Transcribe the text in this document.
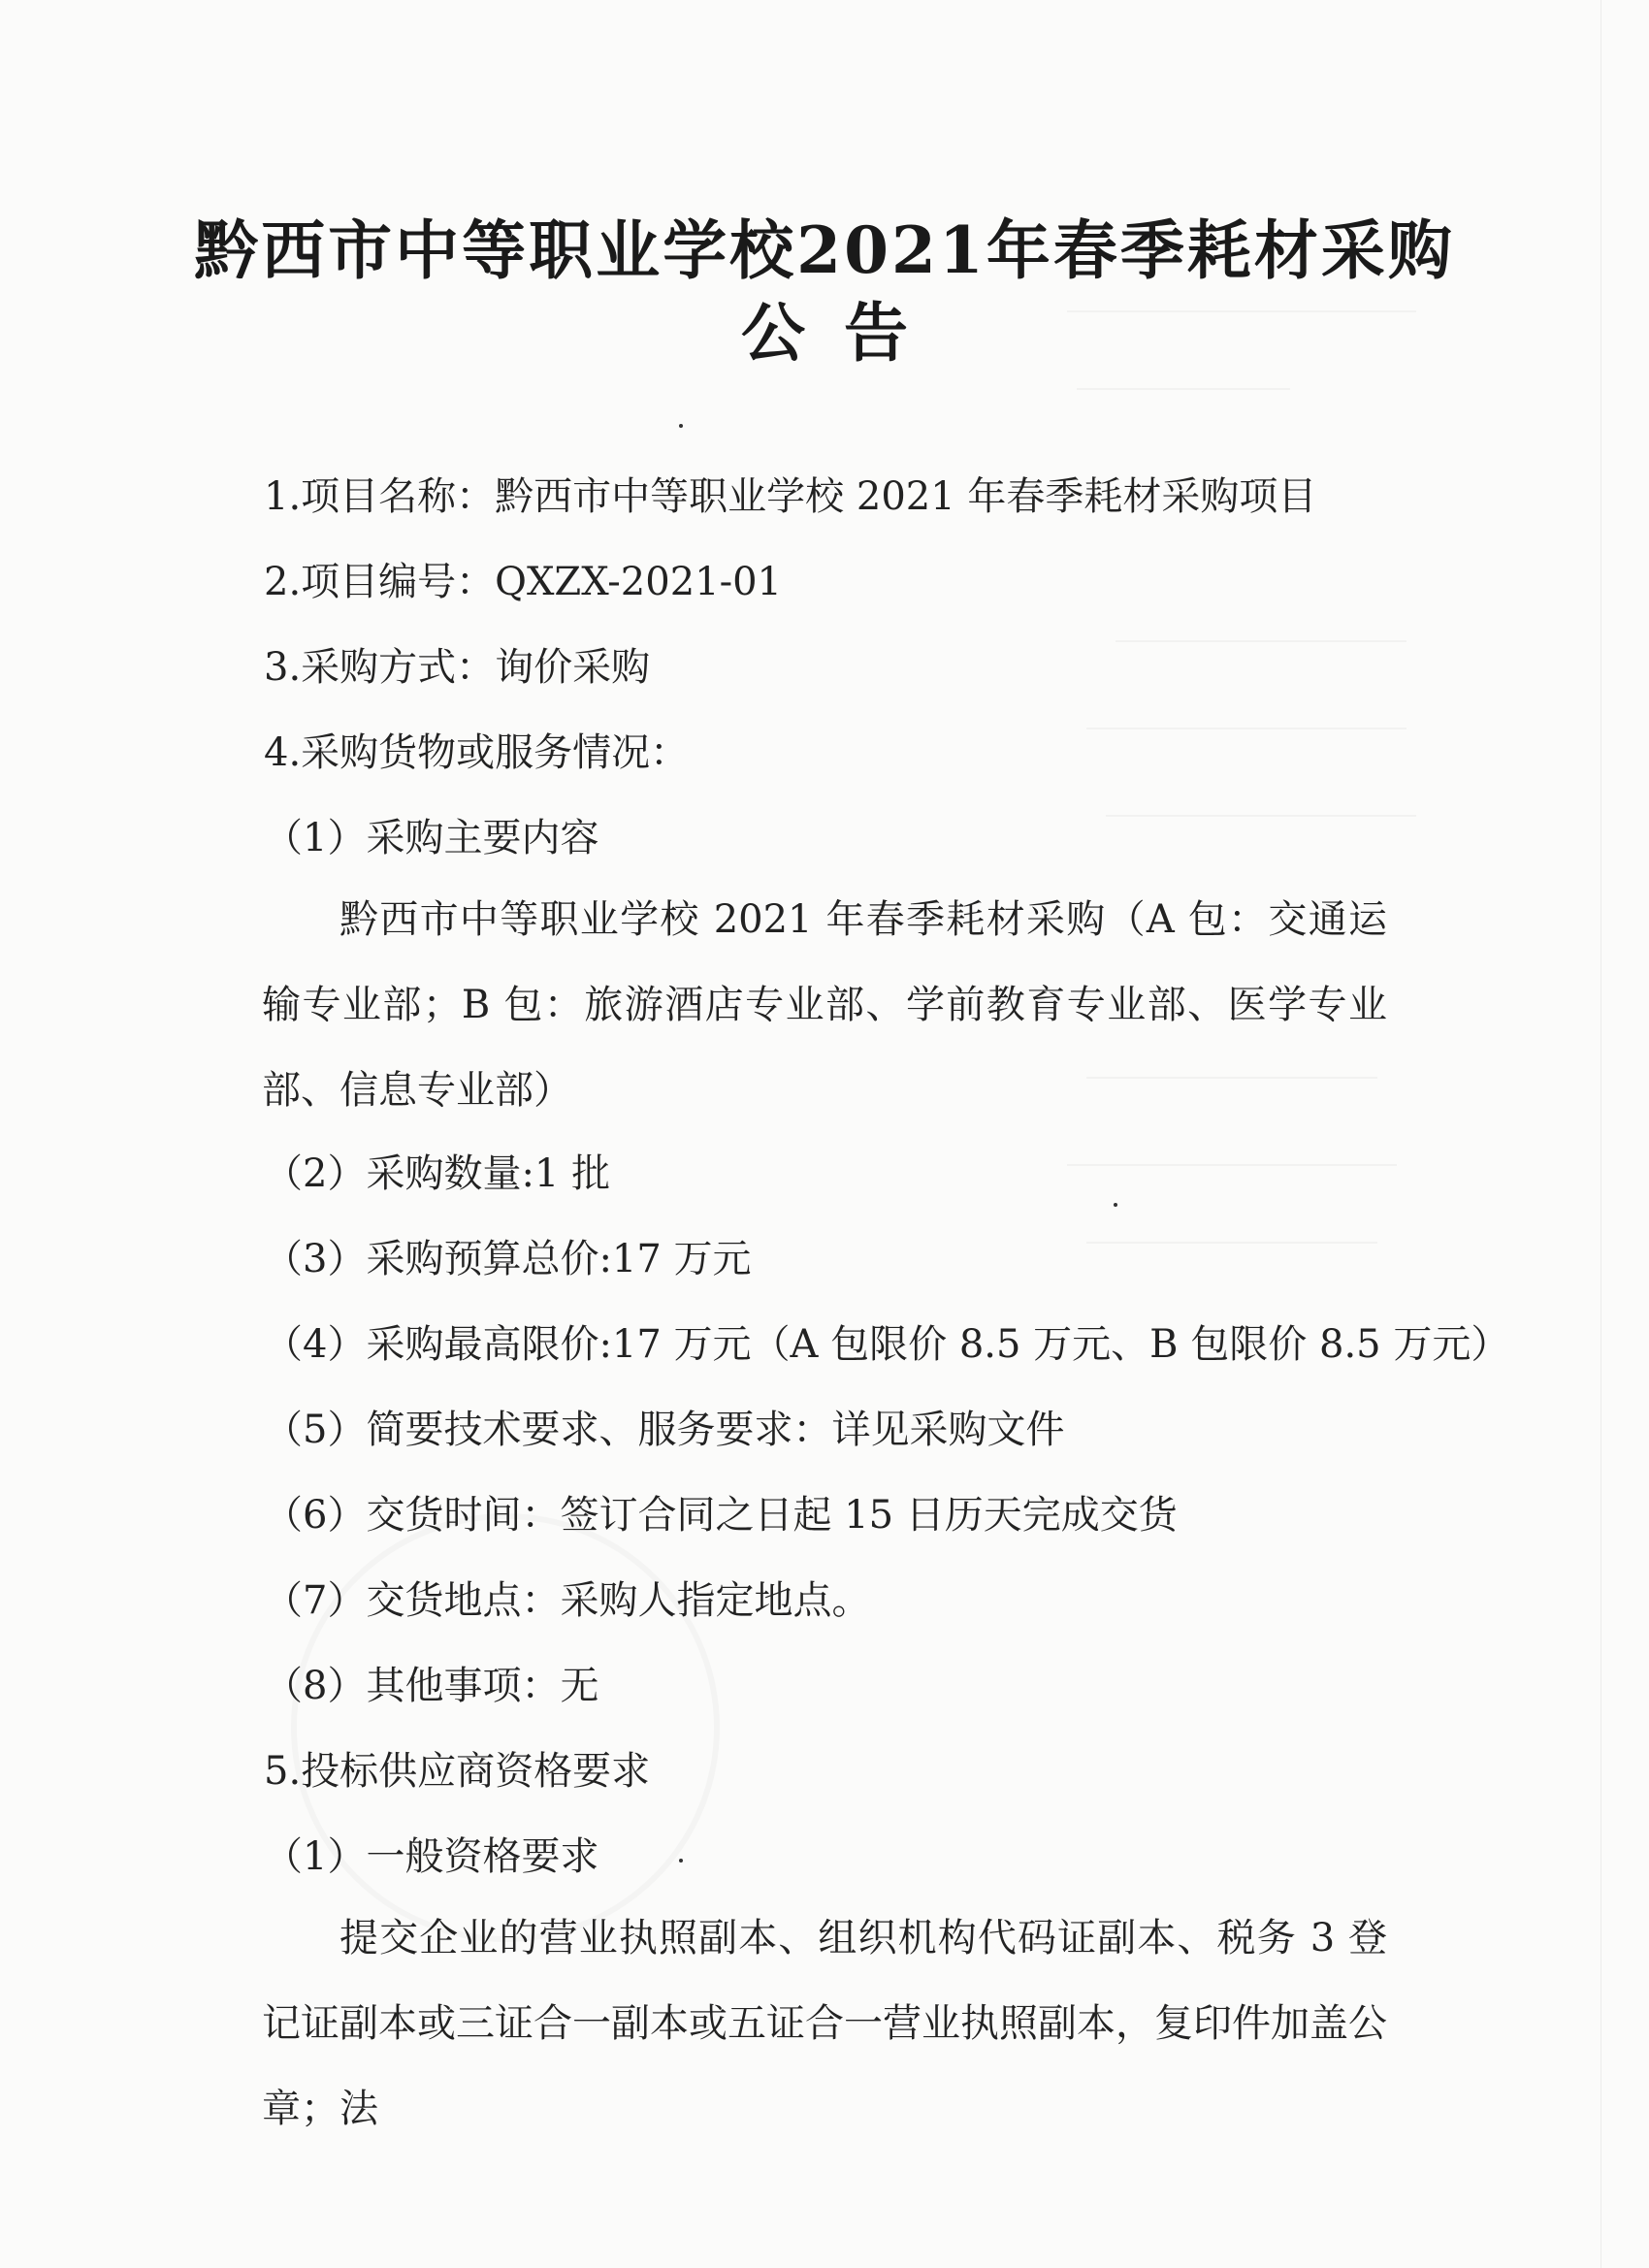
黔西市中等职业学校2021年春季耗材采购
公告
1.项目名称：黔西市中等职业学校 2021 年春季耗材采购项目
2.项目编号：QXZX-2021-01
3.采购方式：询价采购
4.采购货物或服务情况：
（1）采购主要内容
黔西市中等职业学校 2021 年春季耗材采购（A 包：交通运输专业部；B 包：旅游酒店专业部、学前教育专业部、医学专业部、信息专业部）
（2）采购数量:1 批
（3）采购预算总价:17 万元
（4）采购最高限价:17 万元（A 包限价 8.5 万元、B 包限价 8.5 万元）
（5）简要技术要求、服务要求：详见采购文件
（6）交货时间：签订合同之日起 15 日历天完成交货
（7）交货地点：采购人指定地点。
（8）其他事项：无
5.投标供应商资格要求
（1）一般资格要求
提交企业的营业执照副本、组织机构代码证副本、税务 3 登记证副本或三证合一副本或五证合一营业执照副本，复印件加盖公章；法
